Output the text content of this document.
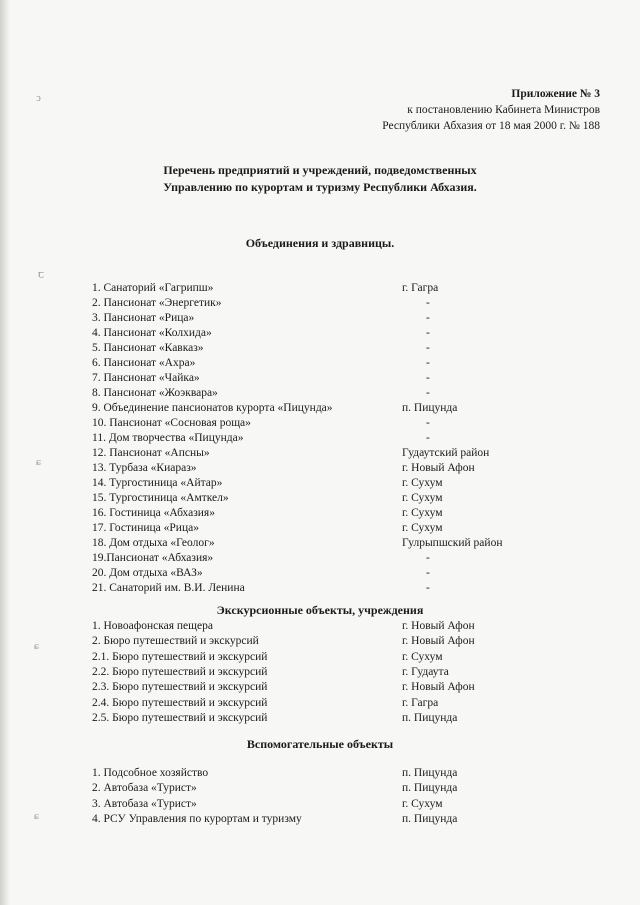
ↄ
ꞇ
ɕ
ɕ
ɕ
Приложение № 3
к постановлению Кабинета Министров
Республики Абхазия от 18 мая 2000 г. № 188
Перечень предприятий и учреждений, подведомственных
Управлению по курортам и туризму Республики Абхазия.
Объединения и здравницы.
1. Санаторий «Гагрипш»	г. Гагра
2. Пансионат «Энергетик»	-
3. Пансионат «Рица»	-
4. Пансионат «Колхида»	-
5. Пансионат «Кавказ»	-
6. Пансионат «Ахра»	-
7. Пансионат «Чайка»	-
8. Пансионат «Жоэквара»	-
9. Объединение пансионатов курорта «Пицунда»	п. Пицунда
10. Пансионат «Сосновая роща»	-
11. Дом творчества «Пицунда»	-
12. Пансионат «Апсны»	Гудаутский район
13. Турбаза «Киараз»	г. Новый Афон
14. Тургостиница «Айтар»	г. Сухум
15. Тургостиница «Амткел»	г. Сухум
16. Гостиница «Абхазия»	г. Сухум
17. Гостиница «Рица»	г. Сухум
18. Дом отдыха «Геолог»	Гулрыпшский район
19.Пансионат «Абхазия»	-
20. Дом отдыха «ВАЗ»	-
21. Санаторий им. В.И. Ленина	-
Экскурсионные объекты, учреждения
1. Новоафонская пещера	г. Новый Афон
2. Бюро путешествий и экскурсий	г. Новый Афон
2.1. Бюро путешествий и экскурсий	г. Сухум
2.2. Бюро путешествий и экскурсий	г. Гудаута
2.3. Бюро путешествий и экскурсий	г. Новый Афон
2.4. Бюро путешествий и экскурсий	г. Гагра
2.5. Бюро путешествий и экскурсий	п. Пицунда
Вспомогательные объекты
1. Подсобное хозяйство	п. Пицунда
2. Автобаза «Турист»	п. Пицунда
3. Автобаза «Турист»	г. Сухум
4. РСУ Управления по курортам и туризму	п. Пицунда
